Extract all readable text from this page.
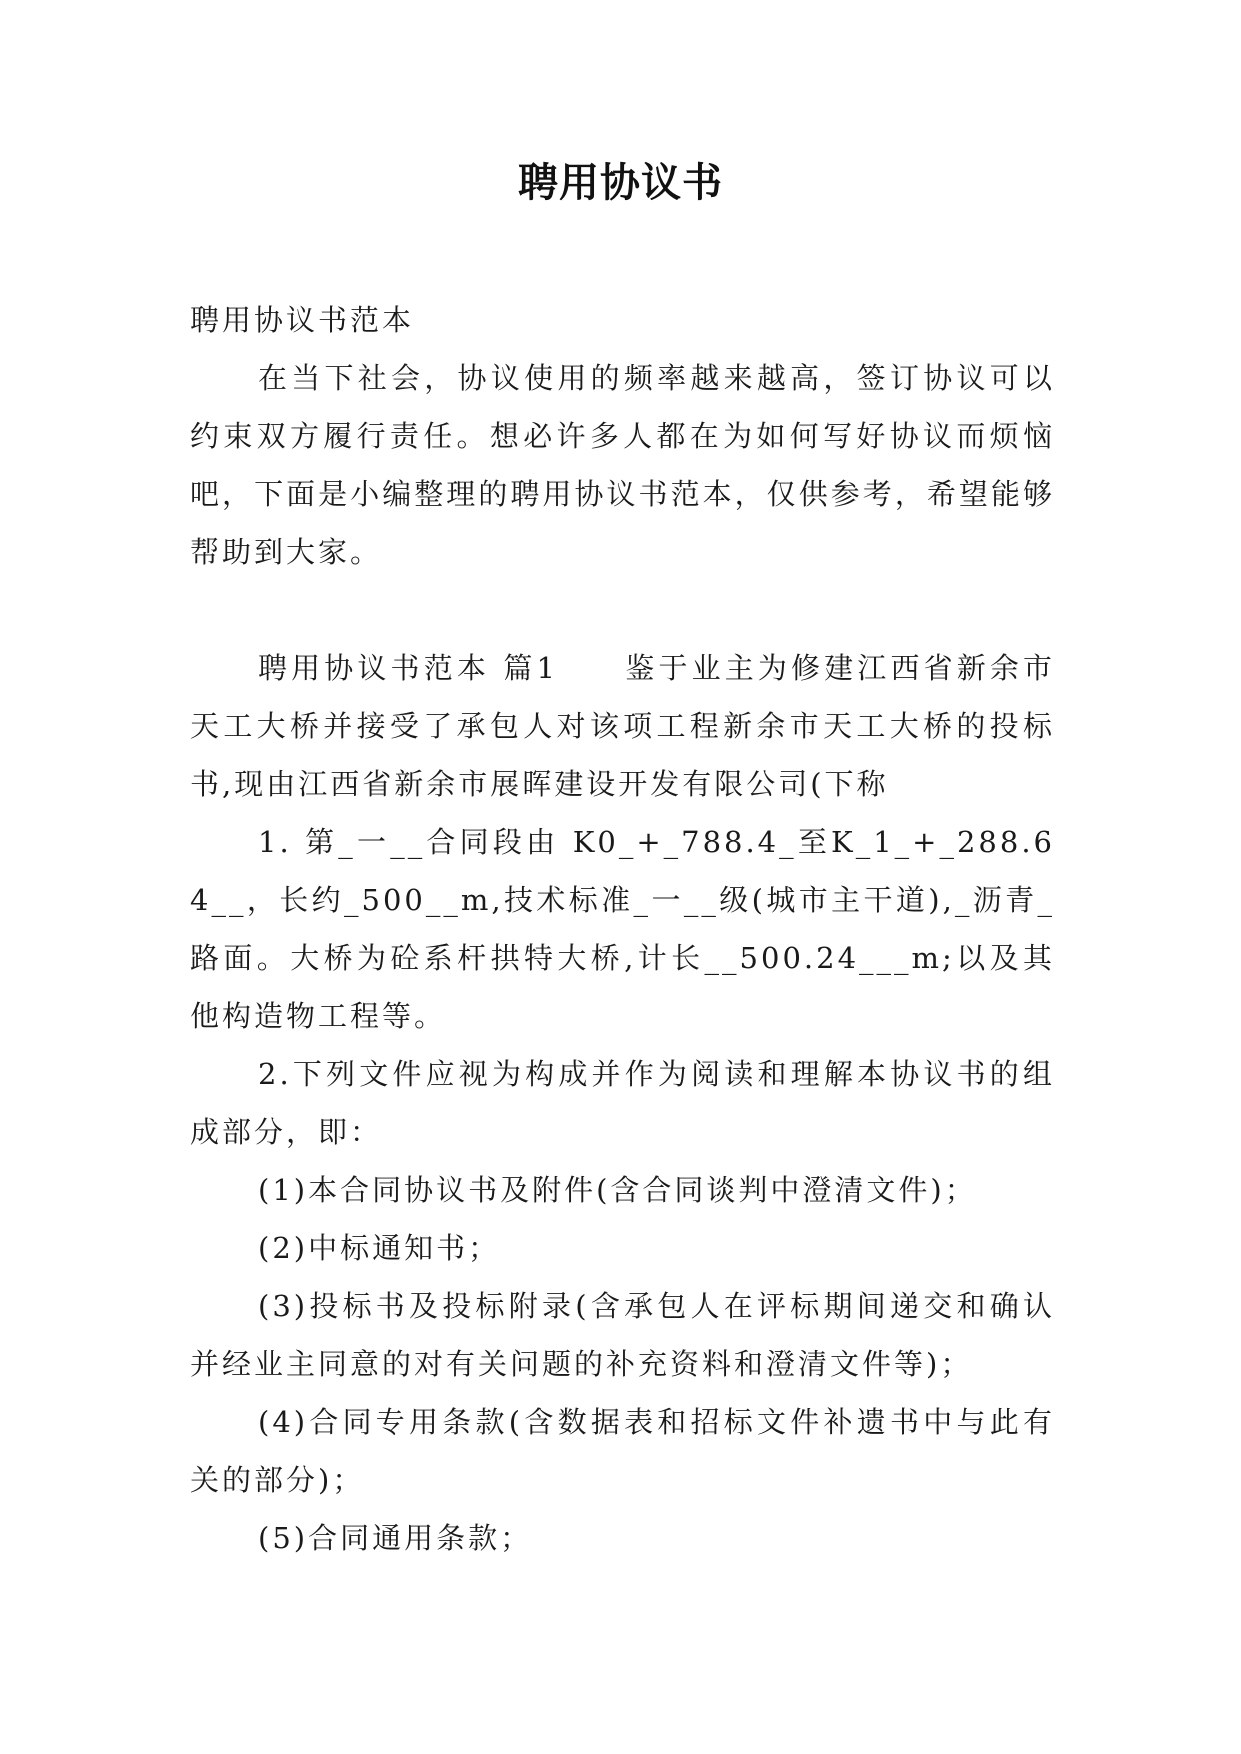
聘用协议书

聘用协议书范本

在当下社会，协议使用的频率越来越高，签订协议可以约束双方履行责任。想必许多人都在为如何写好协议而烦恼吧，下面是小编整理的聘用协议书范本，仅供参考，希望能够帮助到大家。

聘用协议书范本 篇1　　鉴于业主为修建江西省新余市天工大桥并接受了承包人对该项工程新余市天工大桥的投标书,现由江西省新余市展晖建设开发有限公司(下称

1. 第_一__合同段由 K0_+_788.4_至K_1_+_288.64__，长约_500__m,技术标准_一__级(城市主干道),_沥青_路面。大桥为砼系杆拱特大桥,计长__500.24___m;以及其他构造物工程等。

2.下列文件应视为构成并作为阅读和理解本协议书的组成部分，即：

(1)本合同协议书及附件(含合同谈判中澄清文件)；

(2)中标通知书；

(3)投标书及投标附录(含承包人在评标期间递交和确认并经业主同意的对有关问题的补充资料和澄清文件等)；

(4)合同专用条款(含数据表和招标文件补遗书中与此有关的部分)；

(5)合同通用条款；
